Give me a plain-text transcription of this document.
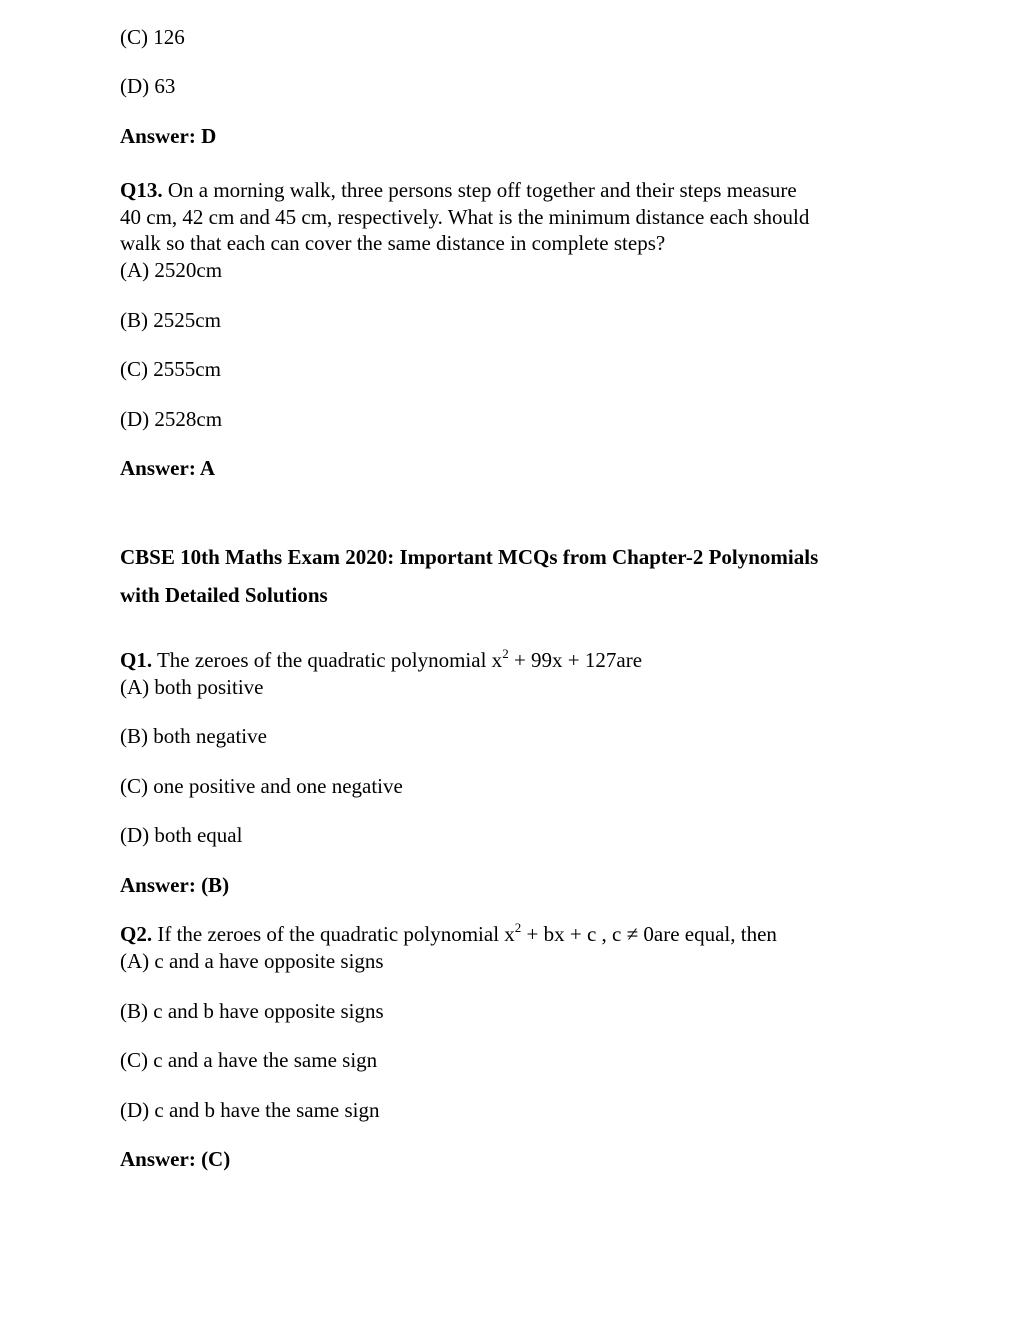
(C) 126
(D) 63
Answer: D
Q13. On a morning walk, three persons step off together and their steps measure
40 cm, 42 cm and 45 cm, respectively. What is the minimum distance each should
walk so that each can cover the same distance in complete steps?
(A) 2520cm
(B) 2525cm
(C) 2555cm
(D) 2528cm
Answer: A
CBSE 10th Maths Exam 2020: Important MCQs from Chapter-2 Polynomials
with Detailed Solutions
Q1. The zeroes of the quadratic polynomial $x^2 + 99x + 127are$
(A) both positive
(B) both negative
(C) one positive and one negative
(D) both equal
Answer: (B)
Q2. If the zeroes of the quadratic polynomial $x^2$ + bx + c , c ≠ 0are equal, then
(A) c and a have opposite signs
(B) c and b have opposite signs
(C) c and a have the same sign
(D) c and b have the same sign
Answer: (C)
